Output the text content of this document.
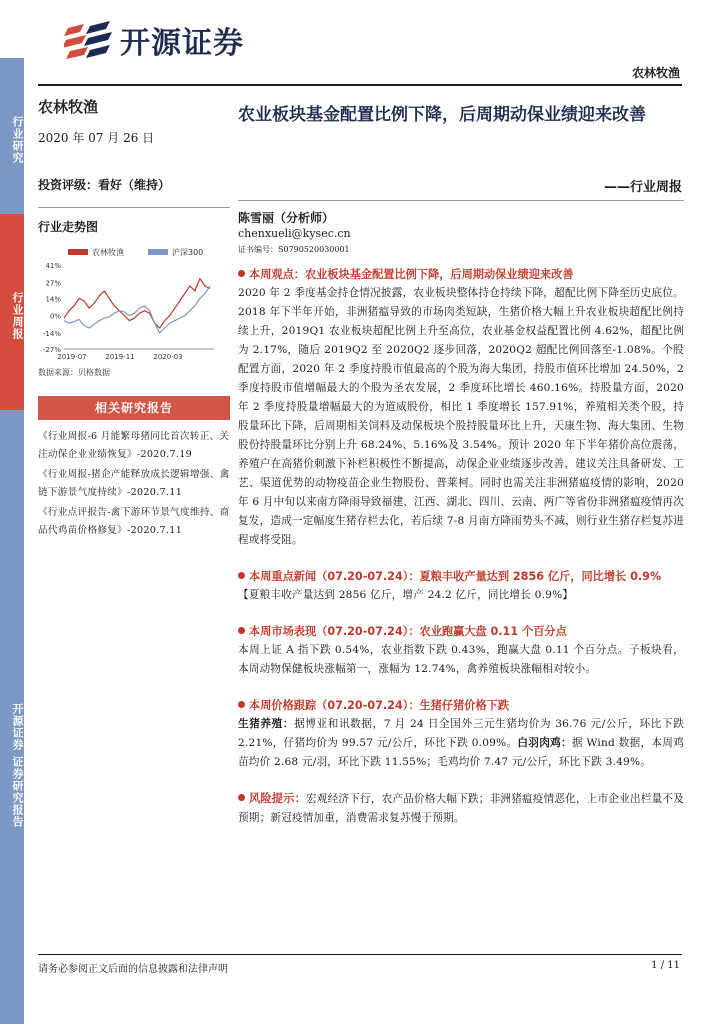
开源证券
农林牧渔
行业研究
行业周报
开源证券 证券研究报告
农林牧渔
2020 年 07 月 26 日
投资评级：看好（维持）
行业走势图
农林牧渔	沪深300
41%
27%
14%
0%
-14%
-27%
2019-07	2019-11	2020-03
数据来源：贝格数据
相关研究报告
《行业周报-6 月能繁母猪同比首次转正、关注动保企业业绩恢复》-2020.7.19
《行业周报-猪企产能释放成长逻辑增强、禽链下游景气度持续》-2020.7.11
《行业点评报告-禽下游环节景气度维持、商品代鸡苗价格修复》-2020.7.11
农业板块基金配置比例下降，后周期动保业绩迎来改善
——行业周报
陈雪丽（分析师）
chenxueli@kysec.cn
证书编号：S0790520030001
本周观点：农业板块基金配置比例下降，后周期动保业绩迎来改善
2020 年 2 季度基金持仓情况披露，农业板块整体持仓持续下降，超配比例下降至历史底位。2018 年下半年开始，非洲猪瘟导致的市场肉类短缺，生猪价格大幅上升农业板块超配比例持续上升，2019Q1 农业板块超配比例上升至高位，农业基金权益配置比例 4.62%，超配比例为 2.17%，随后 2019Q2 至 2020Q2 逐步回落，2020Q2 超配比例回落至-1.08%。个股配置方面，2020 年 2 季度持股市值最高的个股为海大集团，持股市值环比增加 24.50%，2 季度持股市值增幅最大的个股为圣农发展，2 季度环比增长 460.16%。持股量方面，2020 年 2 季度持股量增幅最大的为道威股份，相比 1 季度增长 157.91%，养殖相关类个股，持股量环比下降，后周期相关饲料及动保板块个股持股量环比上升，天康生物、海大集团、生物股份持股量环比分别上升 68.24%、5.16%及 3.54%。预计 2020 年下半年猪价高位震荡，养殖户在高猪价刺激下补栏积极性不断提高，动保企业业绩逐步改善，建议关注具备研发、工艺、渠道优势的动物疫苗企业生物股份、普莱柯。同时也需关注非洲猪瘟疫情的影响，2020 年 6 月中旬以来南方降雨导致福建、江西、湖北、四川、云南、两广等省份非洲猪瘟疫情再次复发，造成一定幅度生猪存栏去化，若后续 7-8 月南方降雨势头不减，则行业生猪存栏复苏进程或将受阻。
本周重点新闻（07.20-07.24）：夏粮丰收产量达到 2856 亿斤，同比增长 0.9%
【夏粮丰收产量达到 2856 亿斤，增产 24.2 亿斤，同比增长 0.9%】
本周市场表现（07.20-07.24）：农业跑赢大盘 0.11 个百分点
本周上证 A 指下跌 0.54%，农业指数下跌 0.43%，跑赢大盘 0.11 个百分点。子板块看，本周动物保健板块涨幅第一，涨幅为 12.74%，禽养殖板块涨幅相对较小。
本周价格跟踪（07.20-07.24）：生猪仔猪价格下跌
生猪养殖：据博亚和讯数据，7 月 24 日全国外三元生猪均价为 36.76 元/公斤，环比下跌 2.21%，仔猪均价为 99.57 元/公斤，环比下跌 0.09%。白羽肉鸡：据 Wind 数据，本周鸡苗均价 2.68 元/羽，环比下跌 11.55%；毛鸡均价 7.47 元/公斤，环比下跌 3.49%。
风险提示：宏观经济下行，农产品价格大幅下跌；非洲猪瘟疫情恶化，上市企业出栏量不及预期；新冠疫情加重，消费需求复苏慢于预期。
请务必参阅正文后面的信息披露和法律声明	1 / 11
